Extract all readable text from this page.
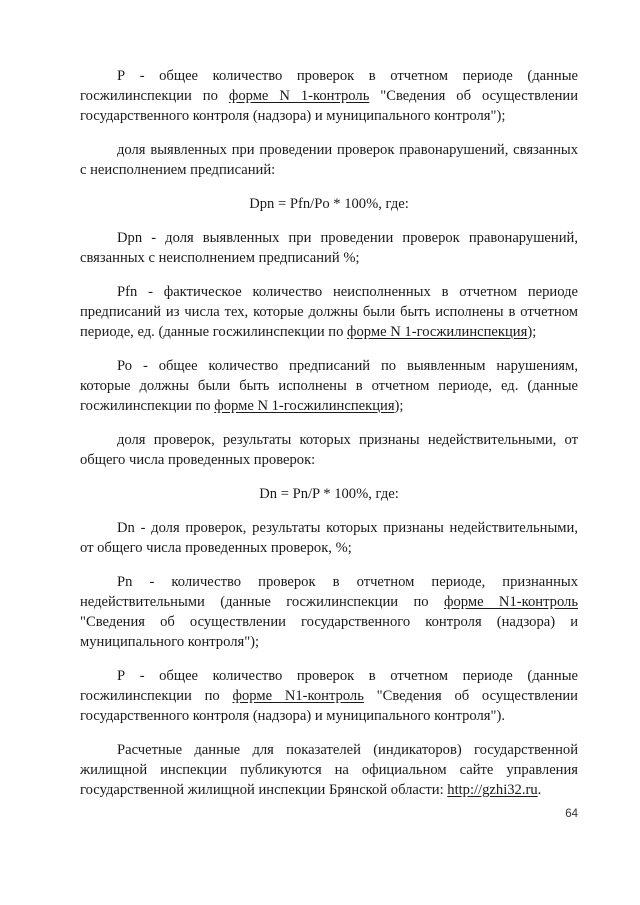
Р - общее количество проверок в отчетном периоде (данные госжилинспекции по форме N 1-контроль "Сведения об осуществлении государственного контроля (надзора) и муниципального контроля");

доля выявленных при проведении проверок правонарушений, связанных с неисполнением предписаний:

Dpn = Pfn/Po * 100%, где:

Dpn - доля выявленных при проведении проверок правонарушений, связанных с неисполнением предписаний %;

Pfn - фактическое количество неисполненных в отчетном периоде предписаний из числа тех, которые должны были быть исполнены в отчетном периоде, ед. (данные госжилинспекции по форме N 1-госжилинспекция);

Ро - общее количество предписаний по выявленным нарушениям, которые должны были быть исполнены в отчетном периоде, ед. (данные госжилинспекции по форме N 1-госжилинспекция);

доля проверок, результаты которых признаны недействительными, от общего числа проведенных проверок:

Dn = Pn/P * 100%, где:

Dn - доля проверок, результаты которых признаны недействительными, от общего числа проведенных проверок, %;

Pn - количество проверок в отчетном периоде, признанных недействительными (данные госжилинспекции по форме N1-контроль "Сведения об осуществлении государственного контроля (надзора) и муниципального контроля");

Р - общее количество проверок в отчетном периоде (данные госжилинспекции по форме N1-контроль "Сведения об осуществлении государственного контроля (надзора) и муниципального контроля").

Расчетные данные для показателей (индикаторов) государственной жилищной инспекции публикуются на официальном сайте управления государственной жилищной инспекции Брянской области: http://gzhi32.ru.

64
